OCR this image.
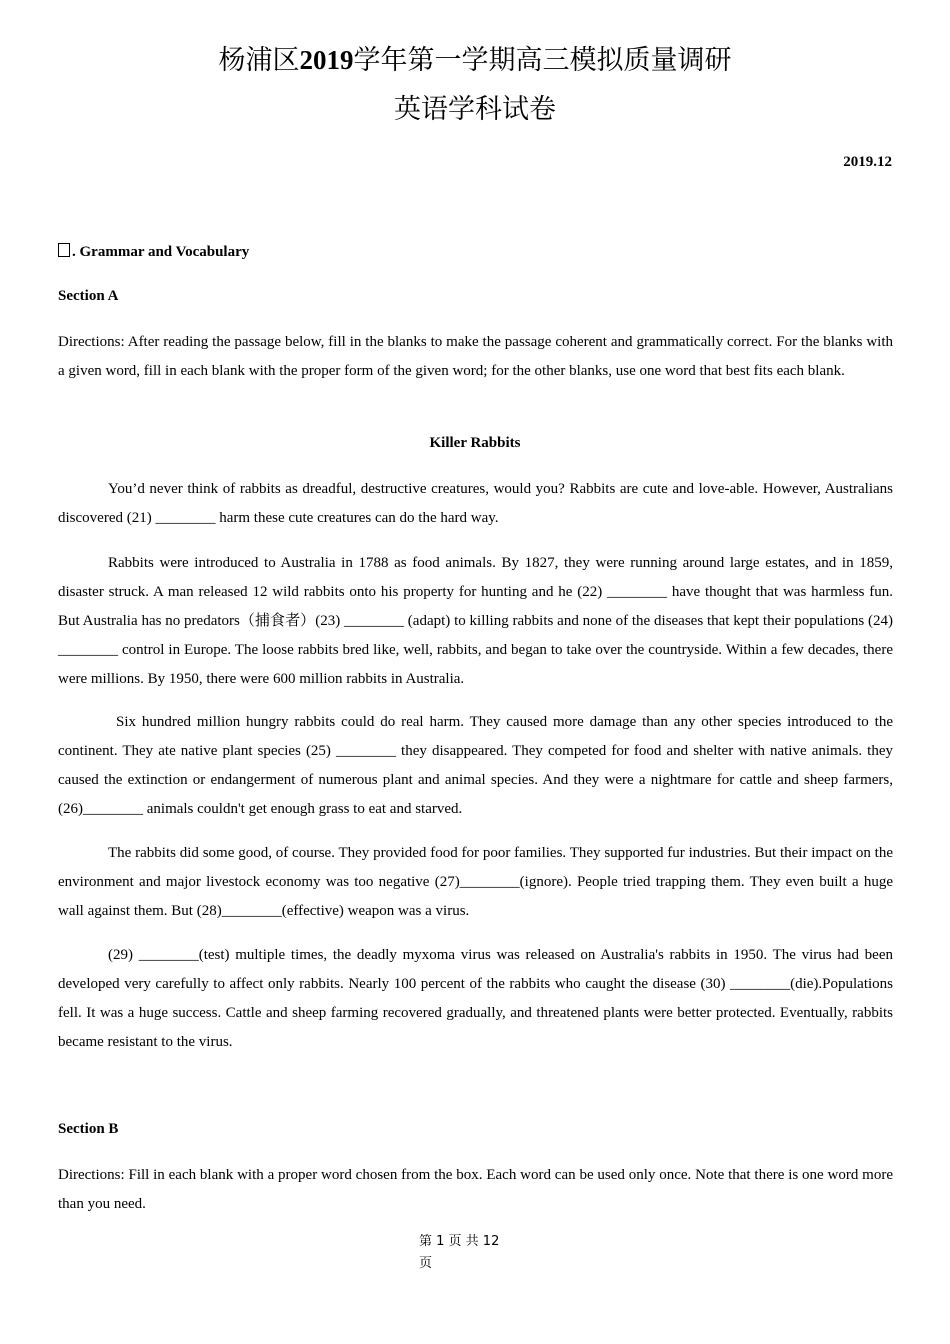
杨浦区2019学年第一学期高三模拟质量调研
英语学科试卷
2019.12
. Grammar and Vocabulary
Section A
Directions: After reading the passage below, fill in the blanks to make the passage coherent and grammatically correct. For the blanks with a given word, fill in each blank with the proper form of the given word; for the other blanks, use one word that best fits each blank.
Killer Rabbits
You’d never think of rabbits as dreadful, destructive creatures, would you? Rabbits are cute and love-able. However, Australians discovered (21) ________ harm these cute creatures can do the hard way.
Rabbits were introduced to Australia in 1788 as food animals. By 1827, they were running around large estates, and in 1859, disaster struck. A man released 12 wild rabbits onto his property for hunting and he (22) ________ have thought that was harmless fun. But Australia has no predators（捕食者）(23) ________ (adapt) to killing rabbits and none of the diseases that kept their populations (24) ________ control in Europe. The loose rabbits bred like, well, rabbits, and began to take over the countryside. Within a few decades, there were millions. By 1950, there were 600 million rabbits in Australia.
Six hundred million hungry rabbits could do real harm. They caused more damage than any other species introduced to the continent. They ate native plant species (25) ________ they disappeared. They competed for food and shelter with native animals. they caused the extinction or endangerment of numerous plant and animal species. And they were a nightmare for cattle and sheep farmers, (26)________ animals couldn't get enough grass to eat and starved.
The rabbits did some good, of course. They provided food for poor families. They supported fur industries. But their impact on the environment and major livestock economy was too negative (27)________(ignore). People tried trapping them. They even built a huge wall against them. But (28)________(effective) weapon was a virus.
(29) ________(test) multiple times, the deadly myxoma virus was released on Australia's rabbits in 1950. The virus had been developed very carefully to affect only rabbits. Nearly 100 percent of the rabbits who caught the disease (30) ________(die).Populations fell. It was a huge success. Cattle and sheep farming recovered gradually, and threatened plants were better protected. Eventually, rabbits became resistant to the virus.
Section B
Directions: Fill in each blank with a proper word chosen from the box. Each word can be used only once. Note that there is one word more than you need.
第 1 页 共 12
页
